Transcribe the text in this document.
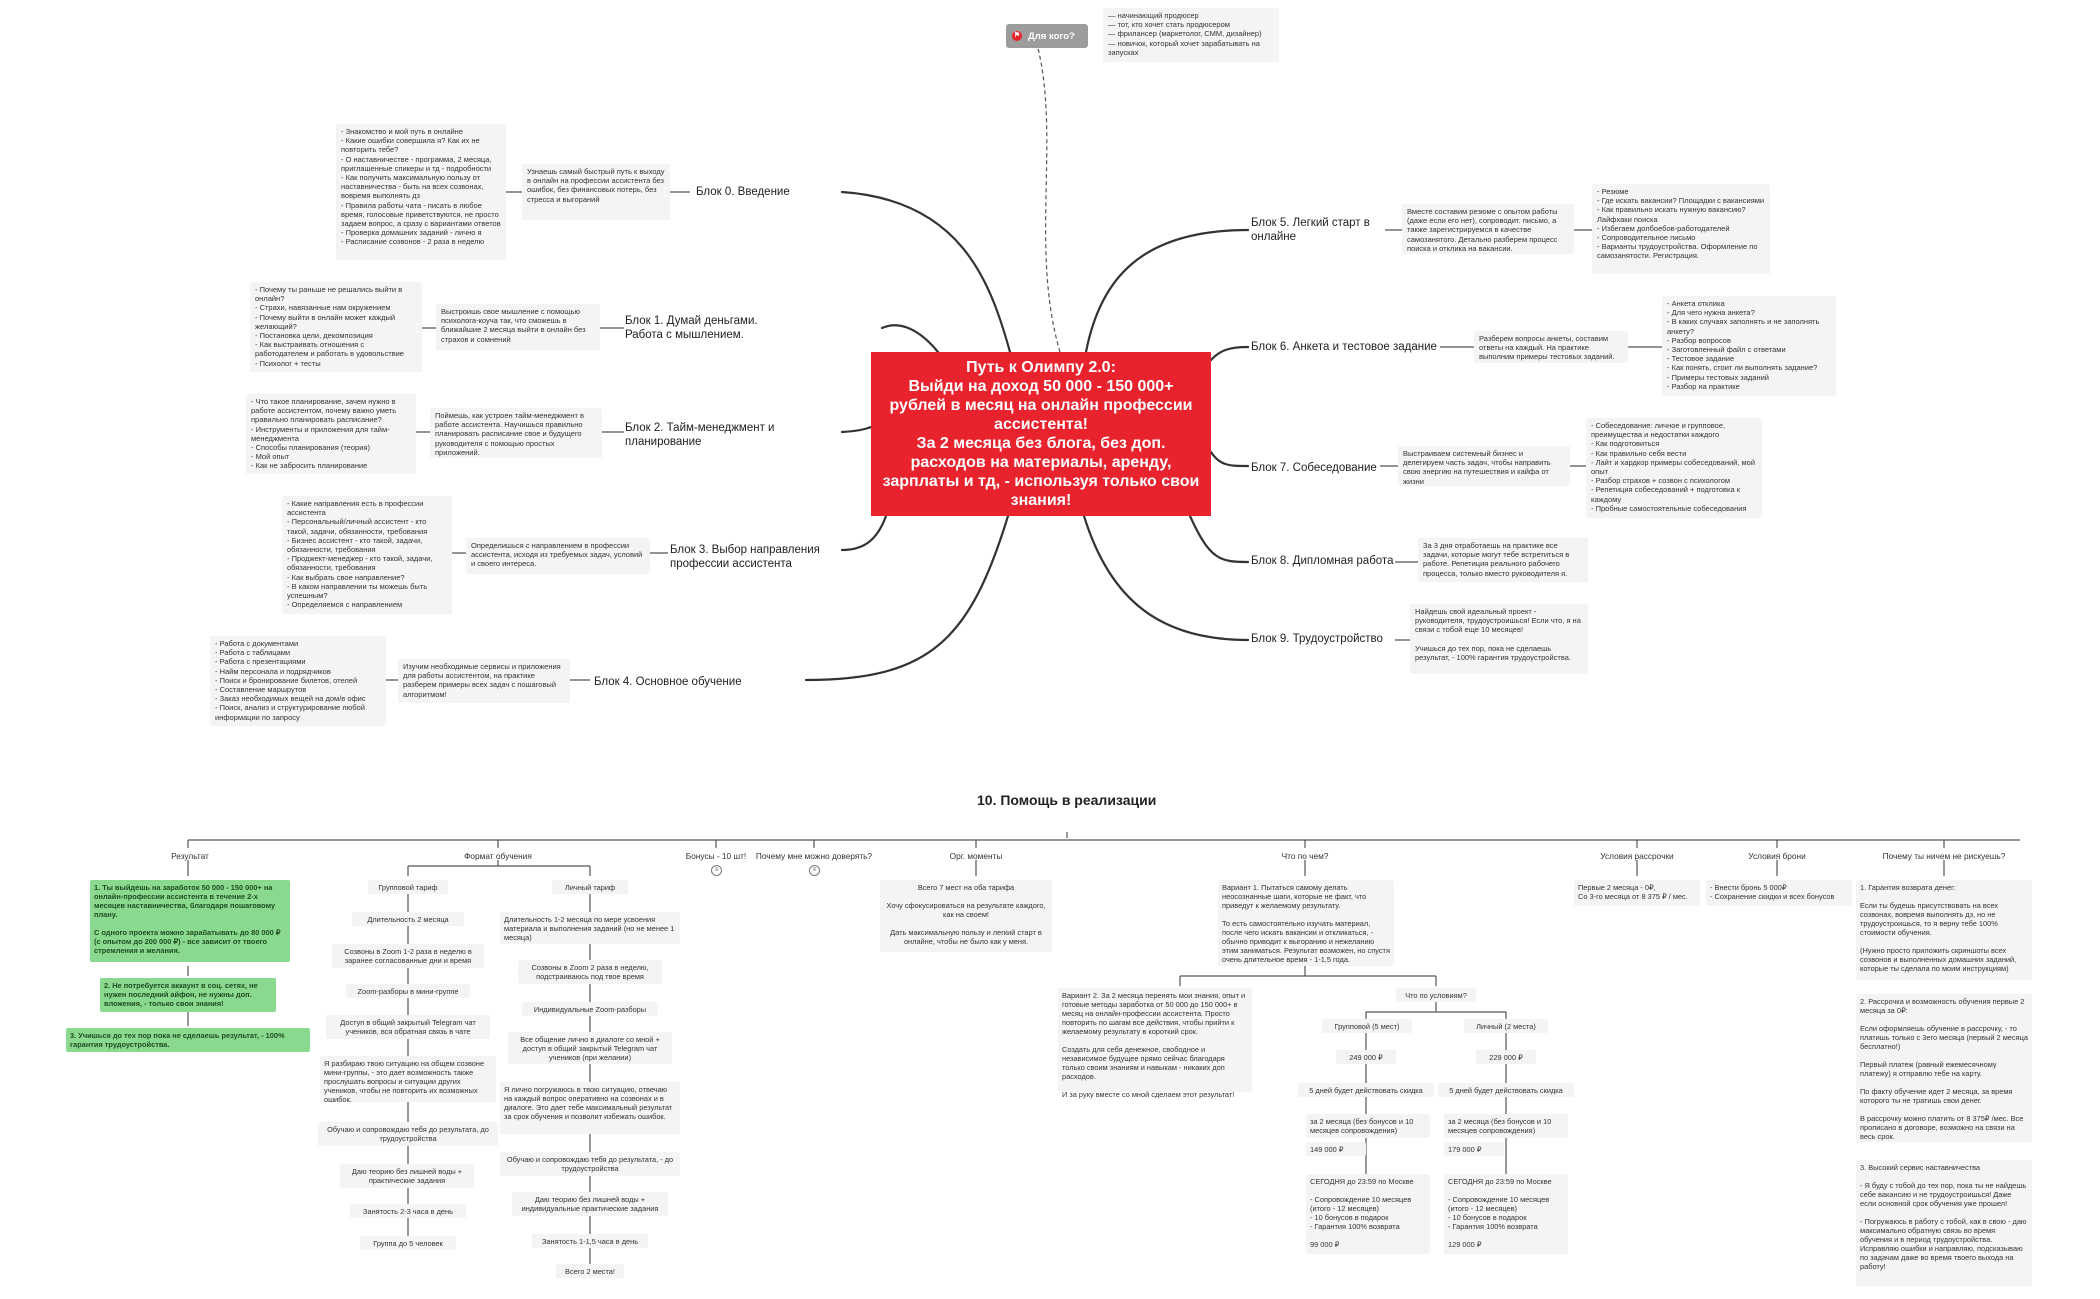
⚑ Для кого?
— начинающий продюсер
— тот, кто хочет стать продюсером
— фрилансер (маркетолог, СММ, дизайнер)
— новичок, который хочет зарабатывать на запусках
Путь к Олимпу 2.0:
Выйди на доход 50 000 - 150 000+ рублей в месяц на онлайн профессии ассистента!
За 2 месяца без блога, без доп. расходов на материалы, аренду, зарплаты и тд, - используя только свои знания!
Блок 0. Введение
Узнаешь самый быстрый путь к выходу в онлайн на профессии ассистента без ошибок, без финансовых потерь, без стресса и выгораний
- Знакомство и мой путь в онлайне
- Какие ошибки совершила я? Как их не повторить тебе?
- О наставничестве - программа, 2 месяца, приглашенные спикеры и тд - подробности
- Как получить максимальную пользу от наставничества - быть на всех созвонах, вовремя выполнять дз
- Правила работы чата - писать в любое время, голосовые приветствуются, не просто задаем вопрос, а сразу с вариантами ответов
- Проверка домашних заданий - лично я
- Расписание созвонов - 2 раза в неделю
Блок 1. Думай деньгами. Работа с мышлением.
Выстроишь свое мышление с помощью психолога-коуча так, что сможешь в ближайшие 2 месяца выйти в онлайн без страхов и сомнений
- Почему ты раньше не решались выйти в онлайн?
- Страхи, навязанные нам окружением
- Почему выйти в онлайн может каждый желающий?
- Постановка цели, декомпозиция
- Как выстраивать отношения с работодателем и работать в удовольствие
- Психолог + тесты
Блок 2. Тайм-менеджмент и планирование
Поймешь, как устроен тайм-менеджмент в работе ассистента. Научишься правильно планировать расписание свое и будущего руководителя с помощью простых приложений.
- Что такое планирование, зачем нужно в работе ассистентом, почему важно уметь правильно планировать расписание?
- Инструменты и приложения для тайм-менеджмента
- Способы планирования (теория)
- Мой опыт
- Как не забросить планирование
Блок 3. Выбор направления профессии ассистента
Определишься с направлением в профессии ассистента, исходя из требуемых задач, условий и своего интереса.
- Какие направления есть в профессии ассистента
- Персональный/личный ассистент - кто такой, задачи, обязанности, требования
- Бизнес ассистент - кто такой, задачи, обязанности, требования
- Проджект-менеджер - кто такой, задачи, обязанности, требования
- Как выбрать свое направление?
- В каком направлении ты можешь быть успешным?
- Определяемся с направлением
Блок 4. Основное обучение
Изучим необходимые сервисы и приложения для работы ассистентом, на практике разберем примеры всех задач с пошаговый алгоритмом!
- Работа с документами
- Работа с таблицами
- Работа с презентациями
- Найм персонала и подрядчиков
- Поиск и бронирование билетов, отелей
- Составление маршрутов
- Заказ необходимых вещей на дом/в офис
- Поиск, анализ и структурирование любой информации по запросу
Блок 5. Легкий старт в онлайне
Вместе составим резюме с опытом работы (даже если его нет), сопроводит. письмо, а также зарегистрируемся в качестве самозанятого. Детально разберем процесс поиска и отклика на вакансии.
- Резюме
- Где искать вакансии? Площадки с вакансиями
- Как правильно искать нужную вакансию? Лайфхаки поиска
- Избегаем долбоебов-работодателей
- Сопроводительное письмо
- Варианты трудоустройства. Оформление по самозанятости. Регистрация.
Блок 6. Анкета и тестовое задание
Разберем вопросы анкеты, составим ответы на каждый. На практике выполним примеры тестовых заданий.
- Анкета отклика
- Для чего нужна анкета?
- В каких случаях заполнять и не заполнять анкету?
- Разбор вопросов
- Заготовленный файл с ответами
- Тестовое задание
- Как понять, стоит ли выполнять задание?
- Примеры тестовых заданий
- Разбор на практике
Блок 7. Собеседование
Выстраиваем системный бизнес и делегируем часть задач, чтобы направить свою энергию на путешествия и кайфа от жизни
- Собеседование: личное и групповое, преимущества и недостатки каждого
- Как подготовиться
- Как правильно себя вести
- Лайт и хардкор примеры собеседований, мой опыт
- Разбор страхов + созвон с психологом
- Репетиция собеседований + подготовка к каждому
- Пробные самостоятельные собеседования
Блок 8. Дипломная работа
За 3 дня отработаешь на практике все задачи, которые могут тебе встретиться в работе. Репетиция реального рабочего процесса, только вместо руководителя я.
Блок 9. Трудоустройство
Найдешь свой идеальный проект - руководителя, трудоустроишься! Если что, я на связи с тобой еще 10 месяцев!

Учишься до тех пор, пока не сделаешь результат, - 100% гарантия трудоустройства.
10. Помощь в реализации
Результат	Формат обучения	Бонусы - 10 шт!	Почему мне можно доверять?	Орг. моменты	Что по чем?	Условия рассрочки	Условия брони	Почему ты ничем не рискуешь?
≡	≡
1. Ты выйдешь на заработок 50 000 - 150 000+ на онлайн-профессии ассистента в течение 2-х месяцев наставничества, благодаря пошаговому плану.

С одного проекта можно зарабатывать до 80 000 ₽ (с опытом до 200 000 ₽) - все зависит от твоего стремления и желания.
2. Не потребуется аккаунт в соц. сетях, не нужен последний айфон, не нужны доп. вложения, - только свои знания!
3. Учишься до тех пор пока не сделаешь результат, - 100% гарантия трудоустройства.
Групповой тариф
Длительность 2 месяца
Созвоны в Zoom 1-2 раза в неделю в заранее согласованные дни и время
Zoom-разборы в мини-группе
Доступ в общий закрытый Telegram чат учеников, вся обратная связь в чате
Я разбираю твою ситуацию на общем созвоне мини-группы, - это дает возможность также прослушать вопросы и ситуации других учеников, чтобы не повторить их возможных ошибок.
Обучаю и сопровождаю тебя до результата, до трудоустройства
Даю теорию без лишней воды + практические задания
Занятость 2-3 часа в день
Группа до 5 человек
Личный тариф
Длительность 1-2 месяца по мере усвоения материала и выполнения заданий (но не менее 1 месяца)
Созвоны в Zoom 2 раза в неделю, подстраиваюсь под твое время
Индивидуальные Zoom-разборы
Все общение лично в диалоге со мной + доступ в общий закрытый Telegram чат учеников (при желании)
Я лично погружаюсь в твою ситуацию, отвечаю на каждый вопрос оперативно на созвонах и в диалоге. Это дает тебе максимальный результат за срок обучения и позволит избежать ошибок.
Обучаю и сопровождаю тебя до результата, - до трудоустройства
Даю теорию без лишней воды + индивидуальные практические задания
Занятость 1-1,5 часа в день
Всего 2 места!
Всего 7 мест на оба тарифа

Хочу сфокусироваться на результате каждого, как на своем!

Дать максимальную пользу и легкий старт в онлайне, чтобы не было как у меня.
Вариант 1. Пытаться самому делать неосознанные шаги, которые не факт, что приведут к желаемому результату.

То есть самостоятельно изучать материал, после чего искать вакансии и откликаться, - обычно приводит к выгоранию и нежеланию этим заниматься. Результат возможен, но спустя очень длительное время - 1-1,5 года.
Вариант 2. За 2 месяца перенять мои знания, опыт и готовые методы заработка от 50 000 до 150 000+ в месяц на онлайн-профессии ассистента. Просто повторить по шагам все действия, чтобы прийти к желаемому результату в короткий срок.

Создать для себя денежное, свободное и независимое будущее прямо сейчас благодаря только своим знаниям и навыкам - никаких доп расходов.

И за руку вместе со мной сделаем этот результат!
Что по условиям?
Групповой (5 мест)
249 000 ₽
5 дней будет действовать скидка
за 2 месяца (без бонусов и 10 месяцев сопровождения)
149 000 ₽
СЕГОДНЯ до 23:59 по Москве

- Сопровождение 10 месяцев (итого - 12 месяцев)
- 10 бонусов в подарок
- Гарантия 100% возврата

99 000 ₽
Личный (2 места)
229 000 ₽
5 дней будет действовать скидка
за 2 месяца (без бонусов и 10 месяцев сопровождения)
179 000 ₽
СЕГОДНЯ до 23:59 по Москве

- Сопровождение 10 месяцев (итого - 12 месяцев)
- 10 бонусов в подарок
- Гарантия 100% возврата

129 000 ₽
Первые 2 месяца - 0₽,
Со 3-го месяца от 8 375 ₽ / мес.
- Внести бронь 5 000₽
- Сохранение скидки и всех бонусов
1. Гарантия возврата денег:

Если ты будешь присутствовать на всех созвонах, вовремя выполнять дз, но не трудоустроишься, то я верну тебе 100% стоимости обучения.

(Нужно просто приложить скриншоты всех созвонов и выполненных домашних заданий, которые ты сделала по моим инструкциям)
2. Рассрочка и возможность обучения первые 2 месяца за 0₽:

Если оформляешь обучение в рассрочку, - то платишь только с 3его месяца (первый 2 месяца бесплатно!)

Первый платеж (равный ежемесячному платежу) я отправлю тебе на карту.

По факту обучение идет 2 месяца, за время которого ты не тратишь свои денег.

В рассрочку можно платить от 8 375₽ /мес. Все прописано в договоре, возможно на связи на весь срок.
3. Высокий сервис наставничества

- Я буду с тобой до тех пор, пока ты не найдешь себе вакансию и не трудоустроишься! Даже если основной срок обучения уже прошел!

- Погружаюсь в работу с тобой, как в свою - даю максимально обратную связь во время обучения и в период трудоустройства. Исправляю ошибки и направляю, подсказываю по задачам даже во время твоего выхода на работу!
